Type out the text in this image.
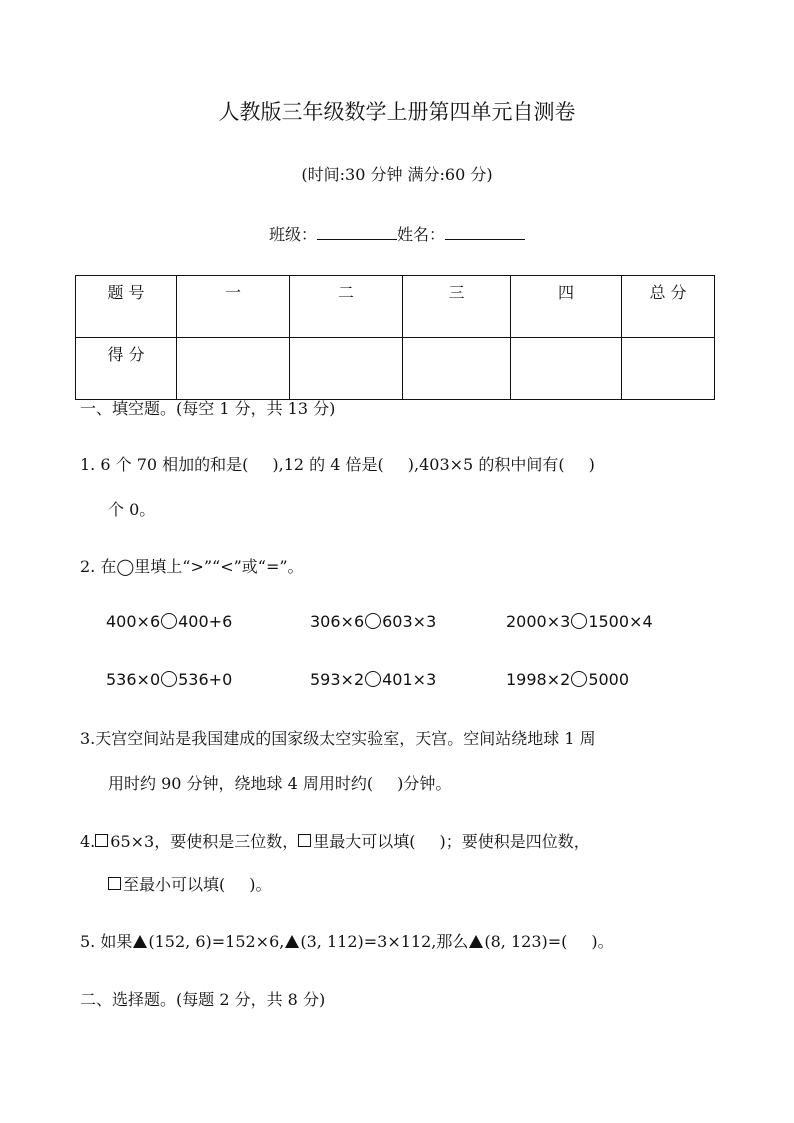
人教版三年级数学上册第四单元自测卷
(时间:30 分钟 满分:60 分)
班级：	姓名：
题 号	一	二	三	四	总 分
得 分					
一、填空题。(每空 1 分，共 13 分)
1. 6 个 70 相加的和是( ),12 的 4 倍是( ),403×5 的积中间有( )
个 0。
2. 在◯里填上“>”“<”或“=”。
400×6 400+6	306×6 603×3	2000×3 1500×4
536×0 536+0	593×2 401×3	1998×2 5000
3.天宫空间站是我国建成的国家级太空实验室，天宫。空间站绕地球 1 周
用时约 90 分钟，绕地球 4 周用时约( )分钟。
4. 65×3，要使积是三位数， 里最大可以填( )；要使积是四位数，
至最小可以填( )。
5. 如果 (152, 6)=152×6, (3, 112)=3×112,那么 (8, 123)=( )。
二、选择题。(每题 2 分，共 8 分)
